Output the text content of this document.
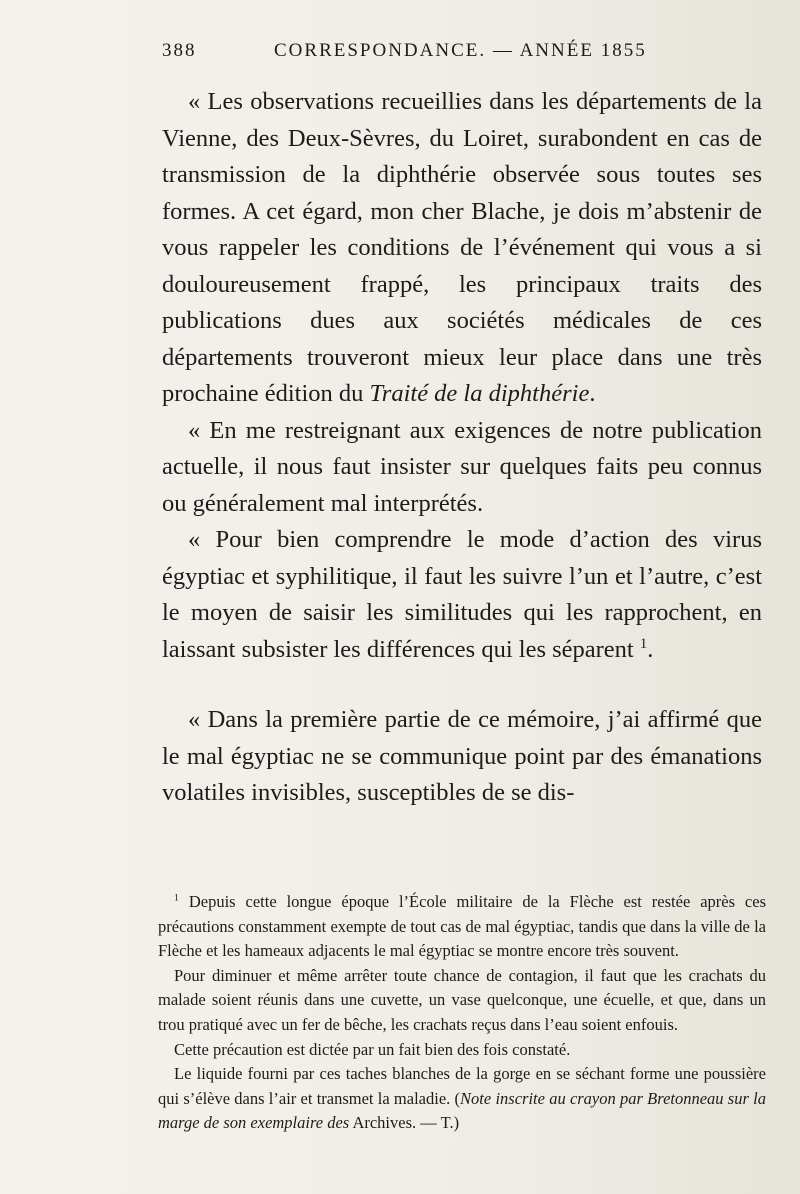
388	CORRESPONDANCE. — ANNÉE 1855

« Les observations recueillies dans les départements de la Vienne, des Deux-Sèvres, du Loiret, surabondent en cas de transmission de la diphthérie observée sous toutes ses formes. A cet égard, mon cher Blache, je dois m’abstenir de vous rappeler les conditions de l’événement qui vous a si douloureusement frappé, les principaux traits des publications dues aux sociétés médicales de ces départements trouveront mieux leur place dans une très prochaine édition du Traité de la diphthérie.

« En me restreignant aux exigences de notre publication actuelle, il nous faut insister sur quelques faits peu connus ou généralement mal interprétés.

« Pour bien comprendre le mode d’action des virus égyptiac et syphilitique, il faut les suivre l’un et l’autre, c’est le moyen de saisir les similitudes qui les rapprochent, en laissant subsister les différences qui les séparent $^1$.

« Dans la première partie de ce mémoire, j’ai affirmé que le mal égyptiac ne se communique point par des émanations volatiles invisibles, susceptibles de se dis-

$^1$ Depuis cette longue époque l’École militaire de la Flèche est restée après ces précautions constamment exempte de tout cas de mal égyptiac, tandis que dans la ville de la Flèche et les hameaux adjacents le mal égyptiac se montre encore très souvent.

Pour diminuer et même arrêter toute chance de contagion, il faut que les crachats du malade soient réunis dans une cuvette, un vase quelconque, une écuelle, et que, dans un trou pratiqué avec un fer de bêche, les crachats reçus dans l’eau soient enfouis.

Cette précaution est dictée par un fait bien des fois constaté.

Le liquide fourni par ces taches blanches de la gorge en se séchant forme une poussière qui s’élève dans l’air et transmet la maladie. (Note inscrite au crayon par Bretonneau sur la marge de son exemplaire des Archives. — T.)
